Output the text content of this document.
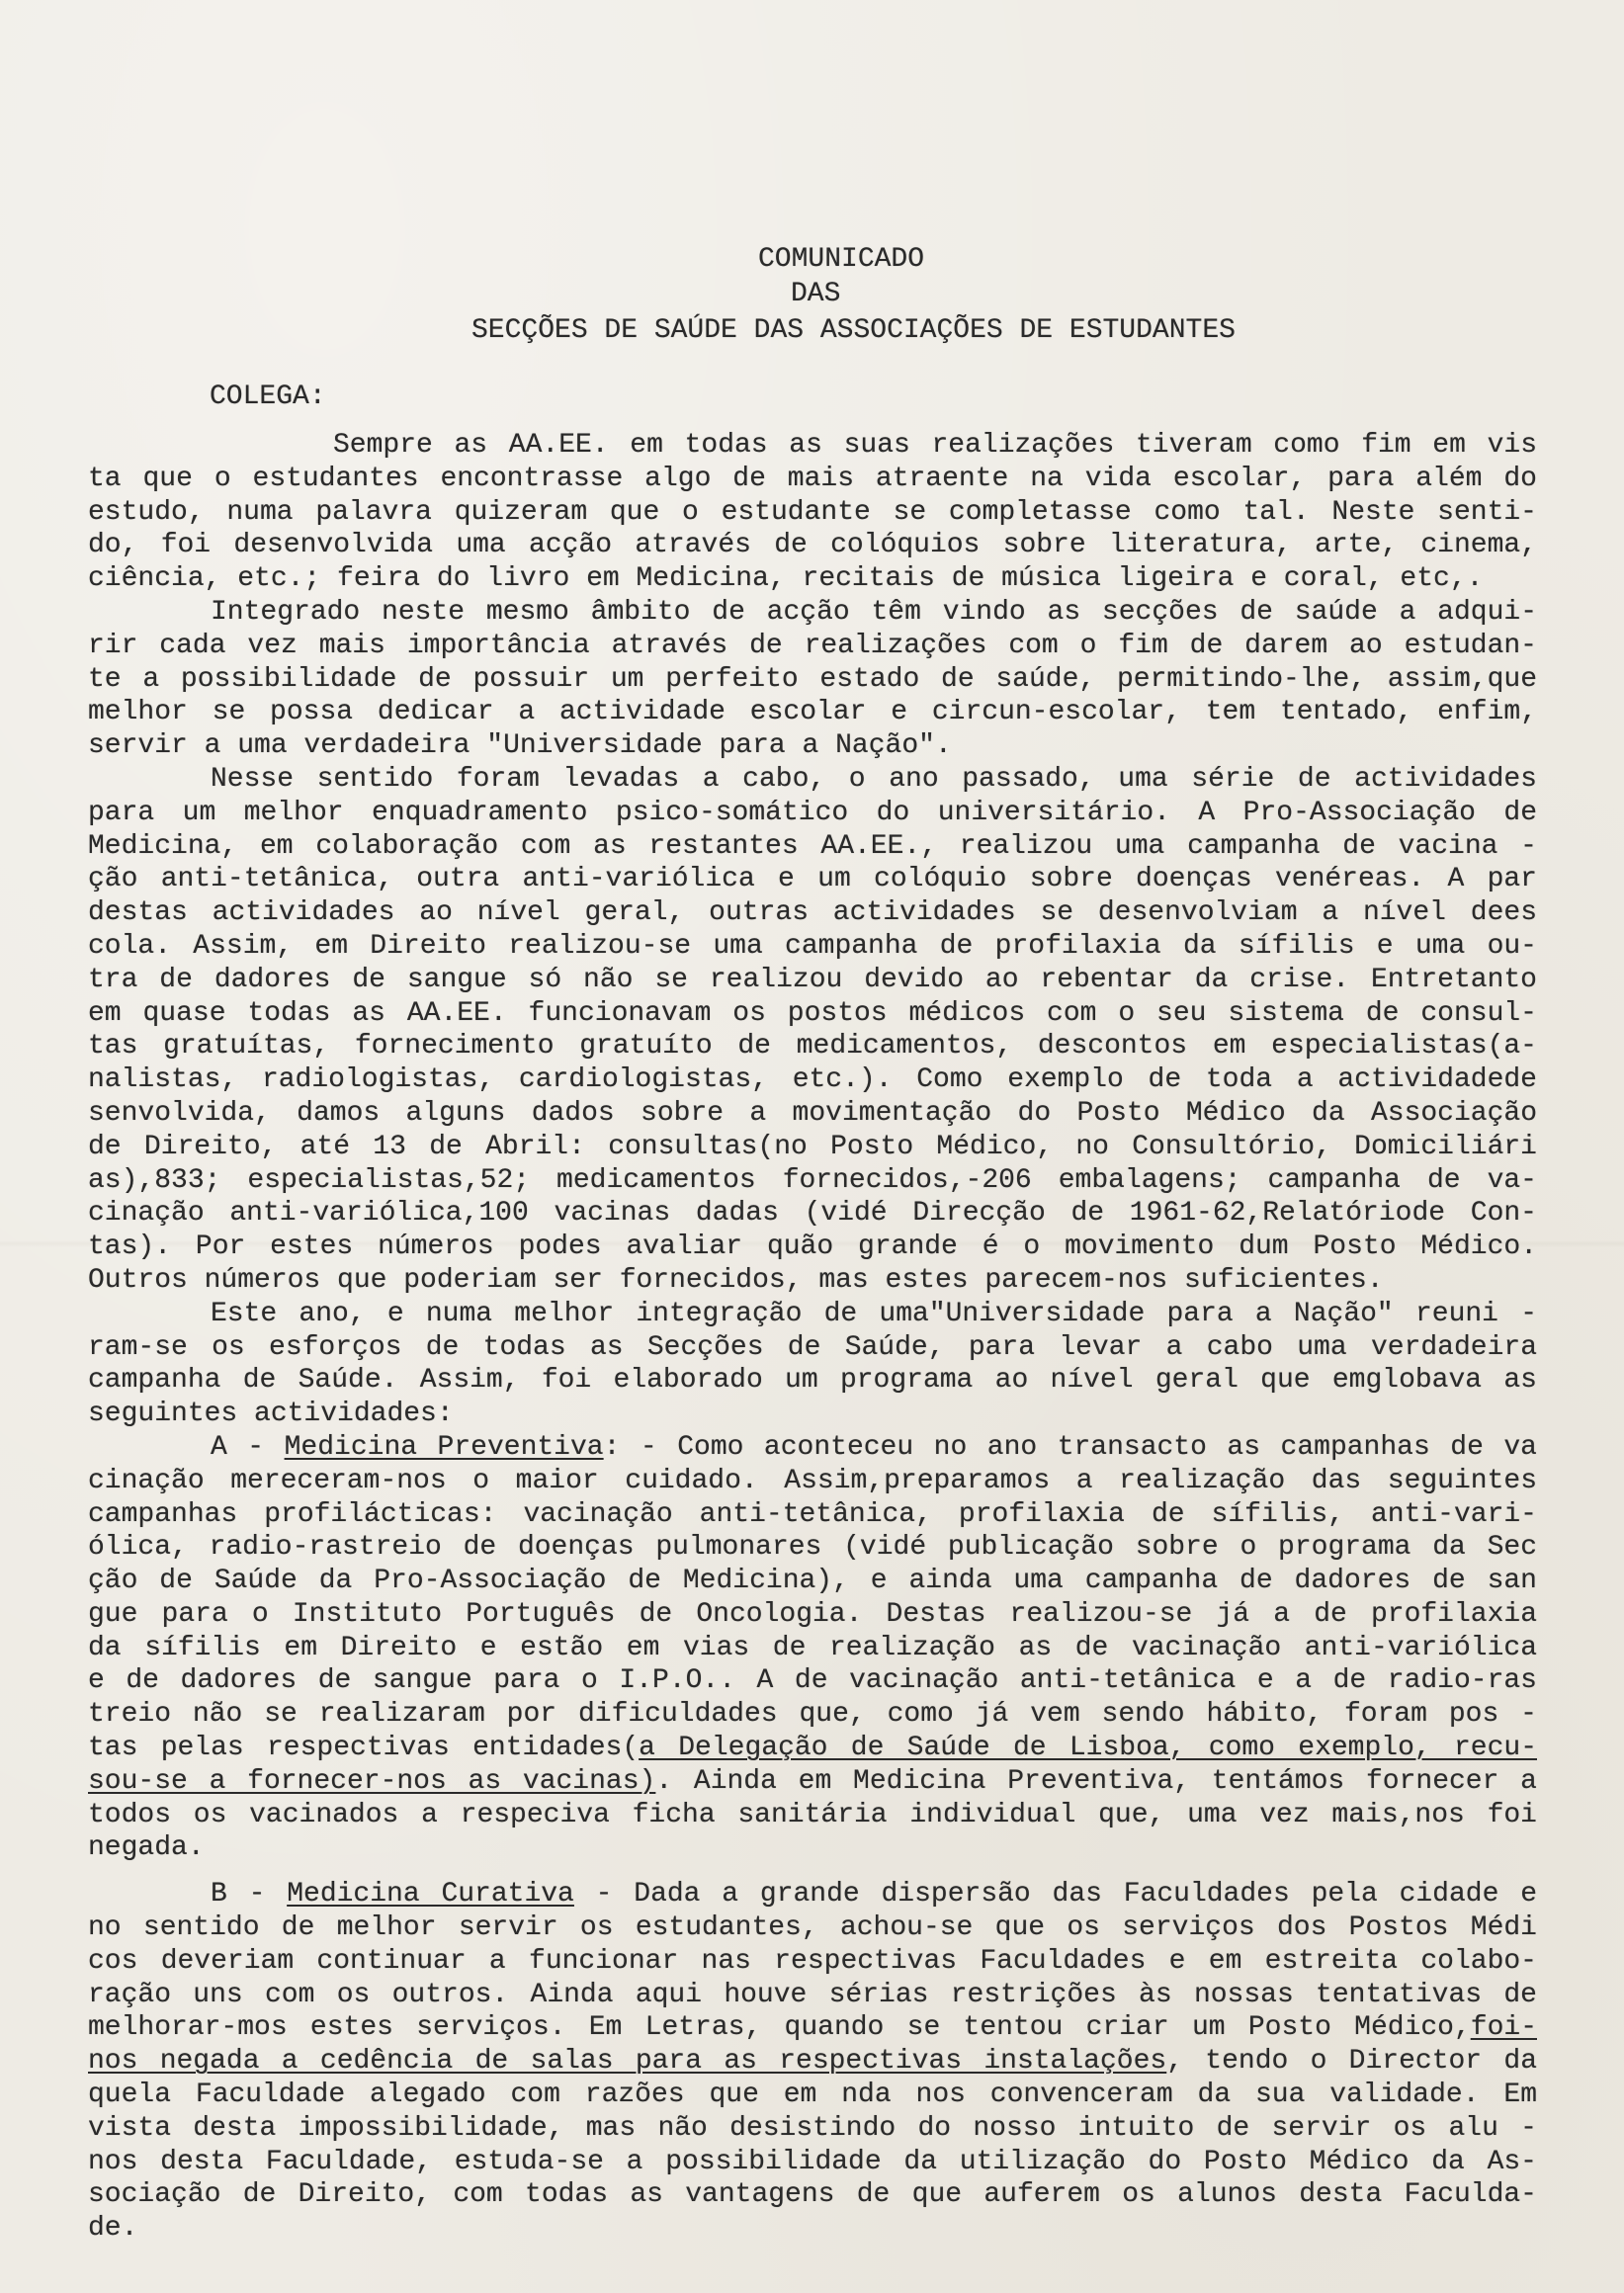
COMUNICADO
DAS
SECÇÕES DE SAÚDE DAS ASSOCIAÇÕES DE ESTUDANTES
COLEGA:
Sempre as AA.EE. em todas as suas realizações tiveram como fim em vis
ta que o estudantes encontrasse algo de mais atraente na vida escolar, para além do
estudo, numa palavra quizeram que o estudante se completasse como tal. Neste senti-
do, foi desenvolvida uma acção através de colóquios sobre literatura, arte, cinema,
ciência, etc.; feira do livro em Medicina, recitais de música ligeira e coral, etc,.
Integrado neste mesmo âmbito de acção têm vindo as secções de saúde a adqui-
rir cada vez mais importância através de realizações com o fim de darem ao estudan-
te a possibilidade de possuir um perfeito estado de saúde, permitindo-lhe, assim,que
melhor se possa dedicar a actividade escolar e circun-escolar, tem tentado, enfim,
servir a uma verdadeira "Universidade para a Nação".
Nesse sentido foram levadas a cabo, o ano passado, uma série de actividades
para um melhor enquadramento psico-somático do universitário. A Pro-Associação de
Medicina, em colaboração com as restantes AA.EE., realizou uma campanha de vacina -
ção anti-tetânica, outra anti-variólica e um colóquio sobre doenças venéreas. A par
destas actividades ao nível geral, outras actividades se desenvolviam a nível dees
cola. Assim, em Direito realizou-se uma campanha de profilaxia da sífilis e uma ou-
tra de dadores de sangue só não se realizou devido ao rebentar da crise. Entretanto
em quase todas as AA.EE. funcionavam os postos médicos com o seu sistema de consul-
tas gratuítas, fornecimento gratuíto de medicamentos, descontos em especialistas(a-
nalistas, radiologistas, cardiologistas, etc.). Como exemplo de toda a actividadede
senvolvida, damos alguns dados sobre a movimentação do Posto Médico da Associação
de Direito, até 13 de Abril: consultas(no Posto Médico, no Consultório, Domiciliári
as),833; especialistas,52; medicamentos fornecidos,-206 embalagens; campanha de va-
cinação anti-variólica,100 vacinas dadas (vidé Direcção de 1961-62,Relatóriode Con-
tas). Por estes números podes avaliar quão grande é o movimento dum Posto Médico.
Outros números que poderiam ser fornecidos, mas estes parecem-nos suficientes.
Este ano, e numa melhor integração de uma"Universidade para a Nação" reuni -
ram-se os esforços de todas as Secções de Saúde, para levar a cabo uma verdadeira
campanha de Saúde. Assim, foi elaborado um programa ao nível geral que emglobava as
seguintes actividades:
A - Medicina Preventiva: - Como aconteceu no ano transacto as campanhas de va
cinação mereceram-nos o maior cuidado. Assim,preparamos a realização das seguintes
campanhas profilácticas: vacinação anti-tetânica, profilaxia de sífilis, anti-vari-
ólica, radio-rastreio de doenças pulmonares (vidé publicação sobre o programa da Sec
ção de Saúde da Pro-Associação de Medicina), e ainda uma campanha de dadores de san
gue para o Instituto Português de Oncologia. Destas realizou-se já a de profilaxia
da sífilis em Direito e estão em vias de realização as de vacinação anti-variólica
e de dadores de sangue para o I.P.O.. A de vacinação anti-tetânica e a de radio-ras
treio não se realizaram por dificuldades que, como já vem sendo hábito, foram pos -
tas pelas respectivas entidades(a Delegação de Saúde de Lisboa, como exemplo, recu-
sou-se a fornecer-nos as vacinas). Ainda em Medicina Preventiva, tentámos fornecer a
todos os vacinados a respeciva ficha sanitária individual que, uma vez mais,nos foi
negada.
B - Medicina Curativa - Dada a grande dispersão das Faculdades pela cidade e
no sentido de melhor servir os estudantes, achou-se que os serviços dos Postos Médi
cos deveriam continuar a funcionar nas respectivas Faculdades e em estreita colabo-
ração uns com os outros. Ainda aqui houve sérias restrições às nossas tentativas de
melhorar-mos estes serviços. Em Letras, quando se tentou criar um Posto Médico,foi-
nos negada a cedência de salas para as respectivas instalações, tendo o Director da
quela Faculdade alegado com razões que em nda nos convenceram da sua validade. Em
vista desta impossibilidade, mas não desistindo do nosso intuito de servir os alu -
nos desta Faculdade, estuda-se a possibilidade da utilização do Posto Médico da As-
sociação de Direito, com todas as vantagens de que auferem os alunos desta Faculda-
de.
